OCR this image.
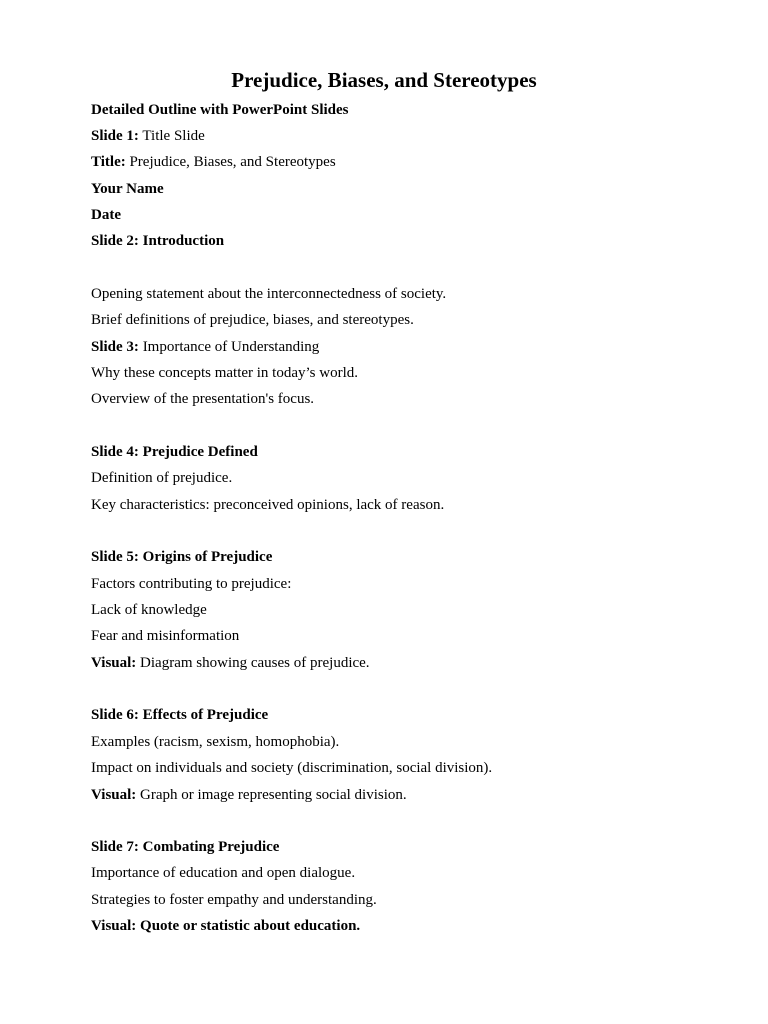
Prejudice, Biases, and Stereotypes

Detailed Outline with PowerPoint Slides

Slide 1: Title Slide

Title: Prejudice, Biases, and Stereotypes

Your Name

Date

Slide 2: Introduction

Opening statement about the interconnectedness of society.

Brief definitions of prejudice, biases, and stereotypes.

Slide 3: Importance of Understanding

Why these concepts matter in today’s world.

Overview of the presentation's focus.

Slide 4: Prejudice Defined

Definition of prejudice.

Key characteristics: preconceived opinions, lack of reason.

Slide 5: Origins of Prejudice

Factors contributing to prejudice:

Lack of knowledge

Fear and misinformation

Visual: Diagram showing causes of prejudice.

Slide 6: Effects of Prejudice

Examples (racism, sexism, homophobia).

Impact on individuals and society (discrimination, social division).

Visual: Graph or image representing social division.

Slide 7: Combating Prejudice

Importance of education and open dialogue.

Strategies to foster empathy and understanding.

Visual: Quote or statistic about education.
